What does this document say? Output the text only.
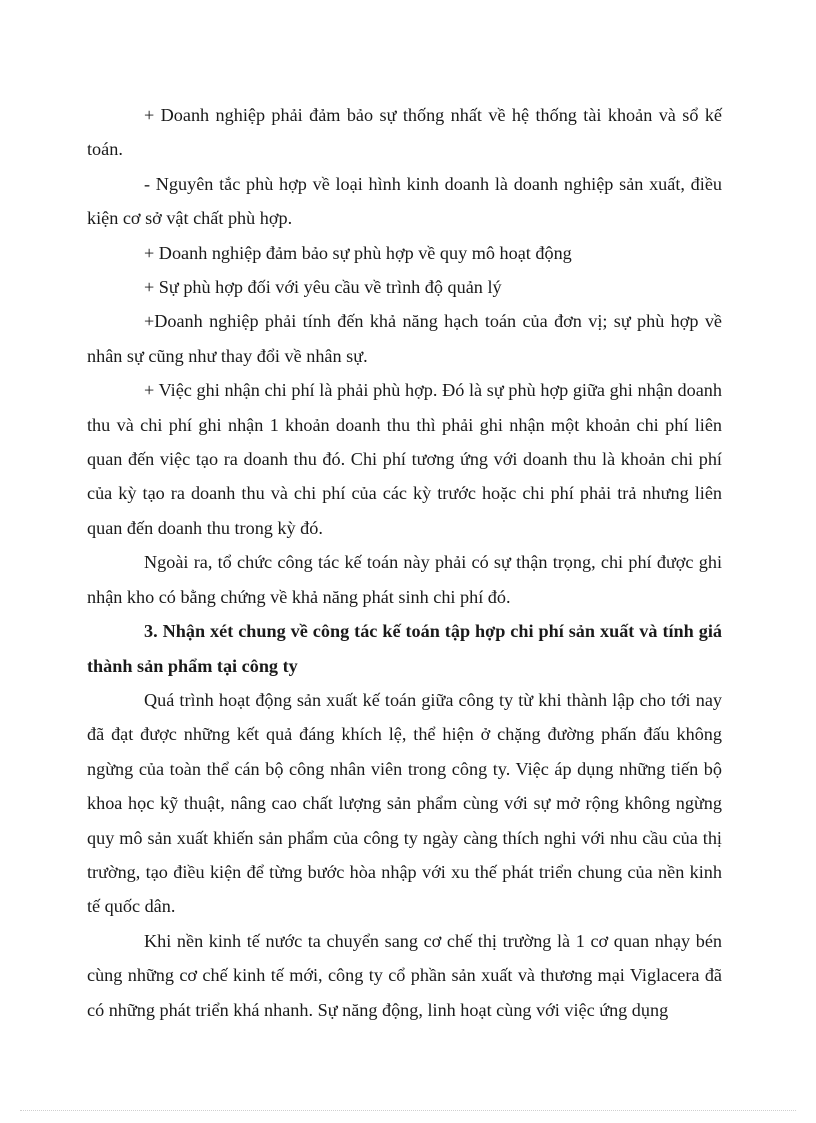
+ Doanh nghiệp phải đảm bảo sự thống nhất về hệ thống tài khoản và sổ kế toán.

- Nguyên tắc phù hợp về loại hình kinh doanh là doanh nghiệp sản xuất, điều kiện cơ sở vật chất phù hợp.

+ Doanh nghiệp đảm bảo sự phù hợp về quy mô hoạt động

+ Sự phù hợp đối với yêu cầu về trình độ quản lý

+Doanh nghiệp phải tính đến khả năng hạch toán của đơn vị; sự phù hợp về nhân sự cũng như thay đổi về nhân sự.

+ Việc ghi nhận chi phí là phải phù hợp. Đó là sự phù hợp giữa ghi nhận doanh thu và chi phí ghi nhận 1 khoản doanh thu thì phải ghi nhận một khoản chi phí liên quan đến việc tạo ra doanh thu đó. Chi phí tương ứng với doanh thu là khoản chi phí của kỳ tạo ra doanh thu và chi phí của các kỳ trước hoặc chi phí phải trả nhưng liên quan đến doanh thu trong kỳ đó.

Ngoài ra, tổ chức công tác kế toán này phải có sự thận trọng, chi phí được ghi nhận kho có bằng chứng về khả năng phát sinh chi phí đó.

3. Nhận xét chung về công tác kế toán tập hợp chi phí sản xuất và tính giá thành sản phẩm tại công ty

Quá trình hoạt động sản xuất kế toán giữa công ty từ khi thành lập cho tới nay đã đạt được những kết quả đáng khích lệ, thể hiện ở chặng đường phấn đấu không ngừng của toàn thể cán bộ công nhân viên trong công ty. Việc áp dụng những tiến bộ khoa học kỹ thuật, nâng cao chất lượng sản phẩm cùng với sự mở rộng không ngừng quy mô sản xuất khiến sản phẩm của công ty ngày càng thích nghi với nhu cầu của thị trường, tạo điều kiện để từng bước hòa nhập với xu thế phát triển chung của nền kinh tế quốc dân.

Khi nền kinh tế nước ta chuyển sang cơ chế thị trường là 1 cơ quan nhạy bén cùng những cơ chế kinh tế mới, công ty cổ phần sản xuất và thương mại Viglacera đã có những phát triển khá nhanh. Sự năng động, linh hoạt cùng với việc ứng dụng
